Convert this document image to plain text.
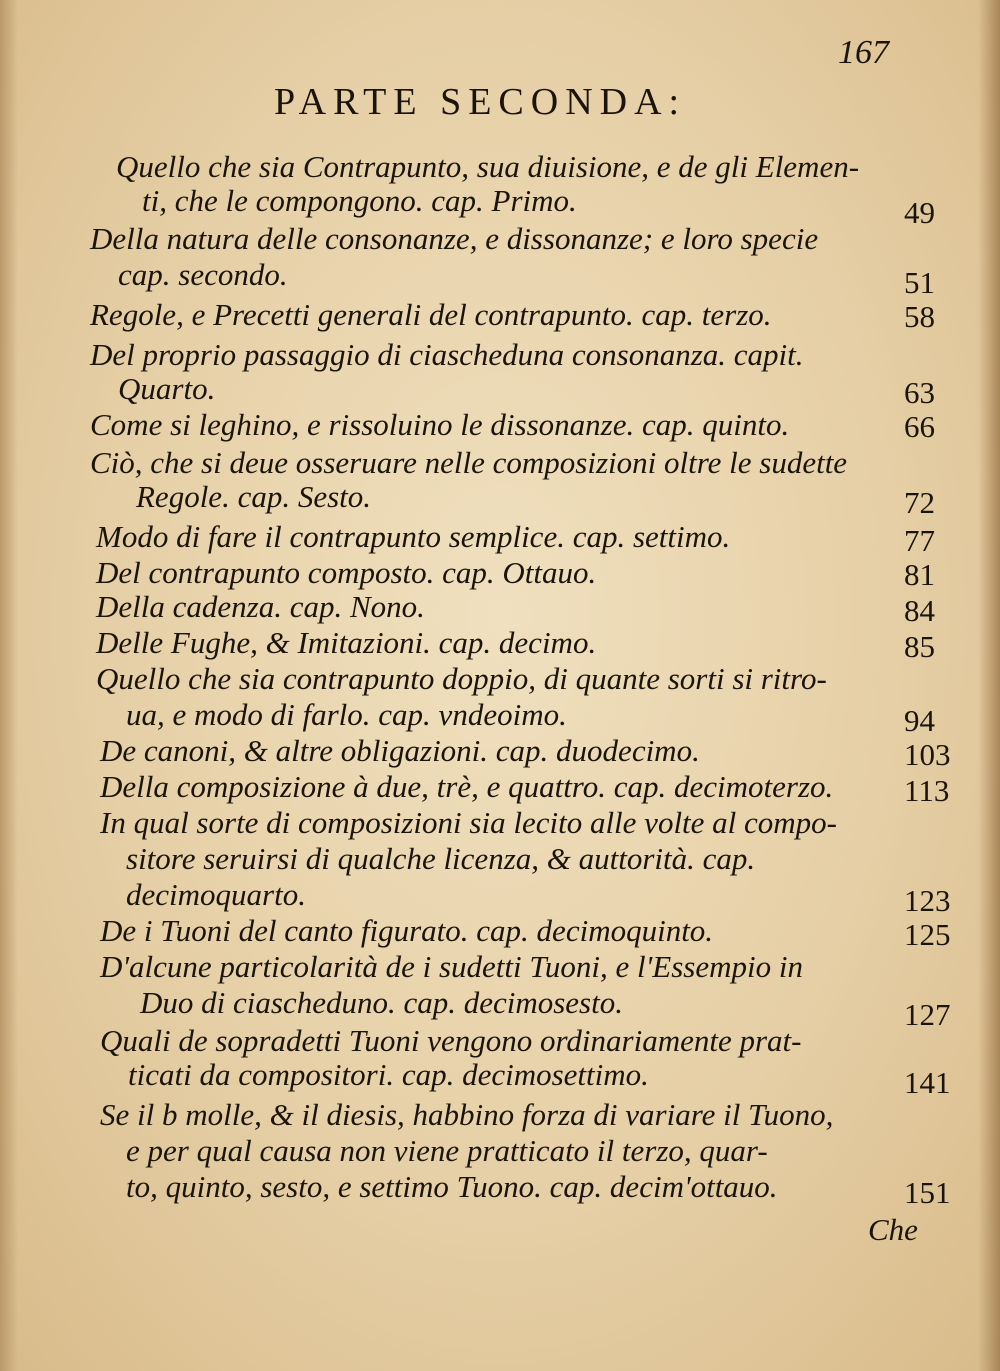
167
PARTE SECONDA:
Quello che sia Contrapunto, sua diuisione, e de gli Elemen-
ti, che le compongono. cap. Primo.	49
Della natura delle consonanze, e dissonanze; e loro specie
cap. secondo.	51
Regole, e Precetti generali del contrapunto. cap. terzo.	58
Del proprio passaggio di ciascheduna consonanza. capit.
Quarto.	63
Come si leghino, e rissoluino le dissonanze. cap. quinto.	66
Ciò, che si deue osseruare nelle composizioni oltre le sudette
Regole. cap. Sesto.	72
Modo di fare il contrapunto semplice. cap. settimo.	77
Del contrapunto composto. cap. Ottauo.	81
Della cadenza. cap. Nono.	84
Delle Fughe, & Imitazioni. cap. decimo.	85
Quello che sia contrapunto doppio, di quante sorti si ritro-
ua, e modo di farlo. cap. vndeoimo.	94
De canoni, & altre obligazioni. cap. duodecimo.	103
Della composizione à due, trè, e quattro. cap. decimoterzo. 113
In qual sorte di composizioni sia lecito alle volte al compo-
sitore seruirsi di qualche licenza, & auttorità. cap.
decimoquarto.	123
De i Tuoni del canto figurato. cap. decimoquinto.	125
D'alcune particolarità de i sudetti Tuoni, e l'Essempio in
Duo di ciascheduno. cap. decimosesto.	127
Quali de sopradetti Tuoni vengono ordinariamente prat-
ticati da compositori. cap. decimosettimo.	141
Se il b molle, & il diesis, habbino forza di variare il Tuono,
e per qual causa non viene pratticato il terzo, quar-
to, quinto, sesto, e settimo Tuono. cap. decim'ottauo.	151
Che
